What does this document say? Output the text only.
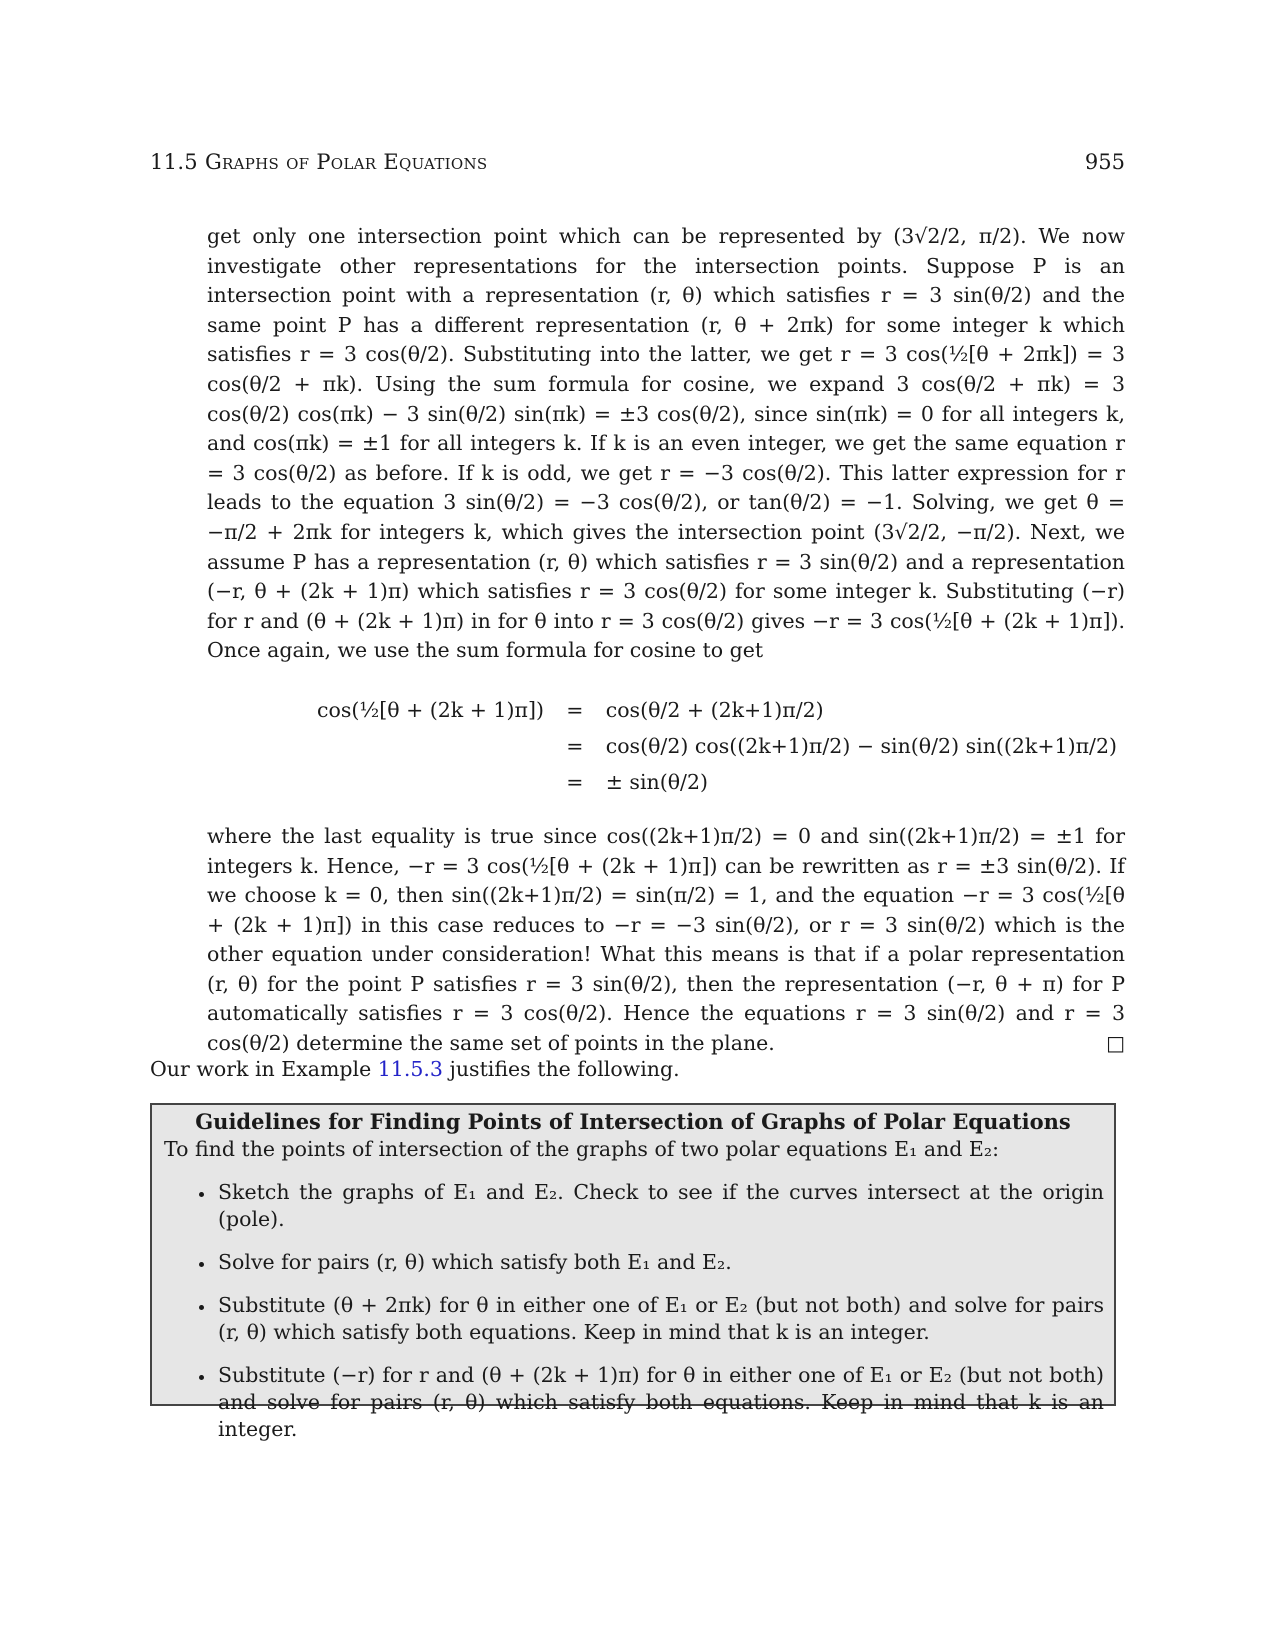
11.5 Graphs of Polar Equations	955

get only one intersection point which can be represented by (3√2/2, π/2). We now investigate other representations for the intersection points. Suppose P is an intersection point with a representation (r, θ) which satisfies r = 3 sin(θ/2) and the same point P has a different representation (r, θ + 2πk) for some integer k which satisfies r = 3 cos(θ/2). Substituting into the latter, we get r = 3 cos(½[θ + 2πk]) = 3 cos(θ/2 + πk). Using the sum formula for cosine, we expand 3 cos(θ/2 + πk) = 3 cos(θ/2) cos(πk) − 3 sin(θ/2) sin(πk) = ±3 cos(θ/2), since sin(πk) = 0 for all integers k, and cos(πk) = ±1 for all integers k. If k is an even integer, we get the same equation r = 3 cos(θ/2) as before. If k is odd, we get r = −3 cos(θ/2). This latter expression for r leads to the equation 3 sin(θ/2) = −3 cos(θ/2), or tan(θ/2) = −1. Solving, we get θ = −π/2 + 2πk for integers k, which gives the intersection point (3√2/2, −π/2). Next, we assume P has a representation (r, θ) which satisfies r = 3 sin(θ/2) and a representation (−r, θ + (2k + 1)π) which satisfies r = 3 cos(θ/2) for some integer k. Substituting (−r) for r and (θ + (2k + 1)π) in for θ into r = 3 cos(θ/2) gives −r = 3 cos(½[θ + (2k + 1)π]). Once again, we use the sum formula for cosine to get

cos(½[θ + (2k + 1)π])	=	cos(θ/2 + (2k+1)π/2)
	=	cos(θ/2) cos((2k+1)π/2) − sin(θ/2) sin((2k+1)π/2)
	=	± sin(θ/2)

where the last equality is true since cos((2k+1)π/2) = 0 and sin((2k+1)π/2) = ±1 for integers k. Hence, −r = 3 cos(½[θ + (2k + 1)π]) can be rewritten as r = ±3 sin(θ/2). If we choose k = 0, then sin((2k+1)π/2) = sin(π/2) = 1, and the equation −r = 3 cos(½[θ + (2k + 1)π]) in this case reduces to −r = −3 sin(θ/2), or r = 3 sin(θ/2) which is the other equation under consideration! What this means is that if a polar representation (r, θ) for the point P satisfies r = 3 sin(θ/2), then the representation (−r, θ + π) for P automatically satisfies r = 3 cos(θ/2). Hence the equations r = 3 sin(θ/2) and r = 3 cos(θ/2) determine the same set of points in the plane.	□

Our work in Example 11.5.3 justifies the following.
Guidelines for Finding Points of Intersection of Graphs of Polar Equations
To find the points of intersection of the graphs of two polar equations E₁ and E₂:
• Sketch the graphs of E₁ and E₂. Check to see if the curves intersect at the origin (pole).
• Solve for pairs (r, θ) which satisfy both E₁ and E₂.
• Substitute (θ + 2πk) for θ in either one of E₁ or E₂ (but not both) and solve for pairs (r, θ) which satisfy both equations. Keep in mind that k is an integer.
• Substitute (−r) for r and (θ + (2k + 1)π) for θ in either one of E₁ or E₂ (but not both) and solve for pairs (r, θ) which satisfy both equations. Keep in mind that k is an integer.
